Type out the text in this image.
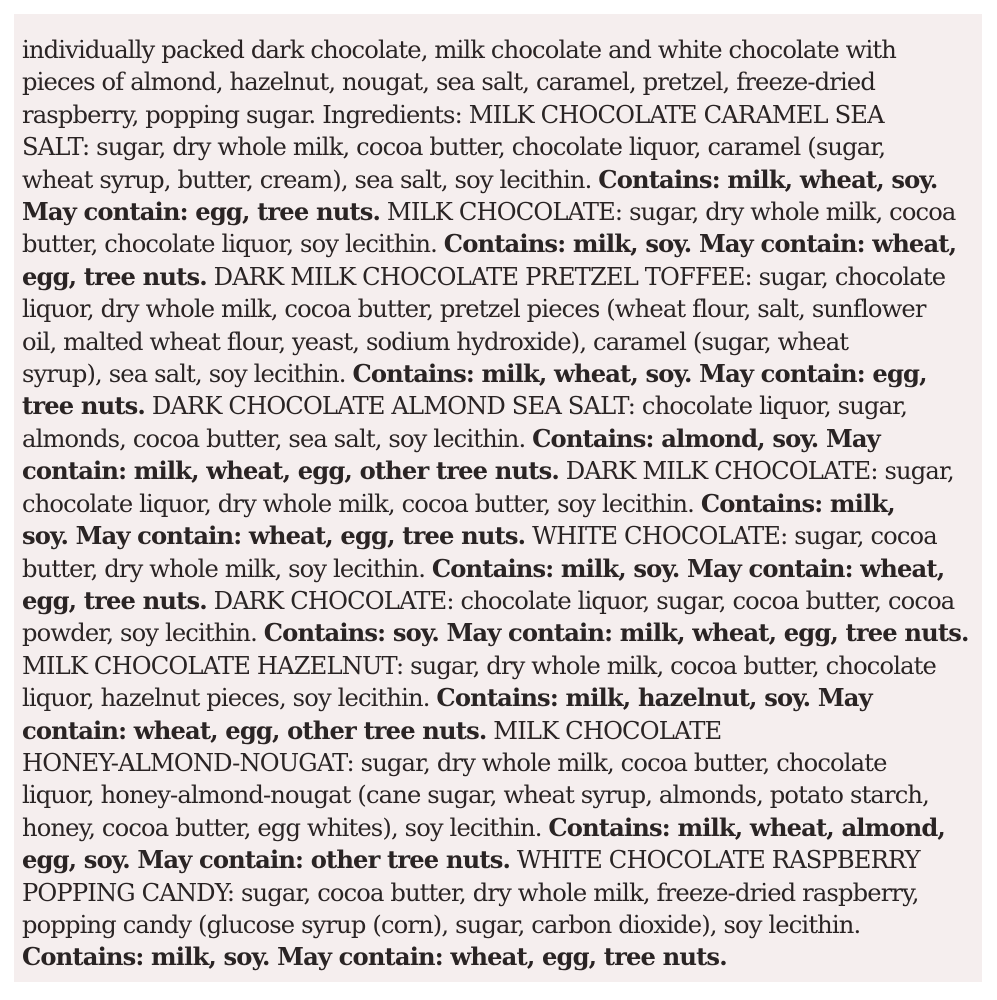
individually packed dark chocolate, milk chocolate and white chocolate with
pieces of almond, hazelnut, nougat, sea salt, caramel, pretzel, freeze-dried
raspberry, popping sugar. Ingredients: MILK CHOCOLATE CARAMEL SEA
SALT: sugar, dry whole milk, cocoa butter, chocolate liquor, caramel (sugar,
wheat syrup, butter, cream), sea salt, soy lecithin. Contains: milk, wheat, soy.
May contain: egg, tree nuts. MILK CHOCOLATE: sugar, dry whole milk, cocoa
butter, chocolate liquor, soy lecithin. Contains: milk, soy. May contain: wheat,
egg, tree nuts. DARK MILK CHOCOLATE PRETZEL TOFFEE: sugar, chocolate
liquor, dry whole milk, cocoa butter, pretzel pieces (wheat flour, salt, sunflower
oil, malted wheat flour, yeast, sodium hydroxide), caramel (sugar, wheat
syrup), sea salt, soy lecithin. Contains: milk, wheat, soy. May contain: egg,
tree nuts. DARK CHOCOLATE ALMOND SEA SALT: chocolate liquor, sugar,
almonds, cocoa butter, sea salt, soy lecithin. Contains: almond, soy. May
contain: milk, wheat, egg, other tree nuts. DARK MILK CHOCOLATE: sugar,
chocolate liquor, dry whole milk, cocoa butter, soy lecithin. Contains: milk,
soy. May contain: wheat, egg, tree nuts. WHITE CHOCOLATE: sugar, cocoa
butter, dry whole milk, soy lecithin. Contains: milk, soy. May contain: wheat,
egg, tree nuts. DARK CHOCOLATE: chocolate liquor, sugar, cocoa butter, cocoa
powder, soy lecithin. Contains: soy. May contain: milk, wheat, egg, tree nuts.
MILK CHOCOLATE HAZELNUT: sugar, dry whole milk, cocoa butter, chocolate
liquor, hazelnut pieces, soy lecithin. Contains: milk, hazelnut, soy. May
contain: wheat, egg, other tree nuts. MILK CHOCOLATE
HONEY-ALMOND-NOUGAT: sugar, dry whole milk, cocoa butter, chocolate
liquor, honey-almond-nougat (cane sugar, wheat syrup, almonds, potato starch,
honey, cocoa butter, egg whites), soy lecithin. Contains: milk, wheat, almond,
egg, soy. May contain: other tree nuts. WHITE CHOCOLATE RASPBERRY
POPPING CANDY: sugar, cocoa butter, dry whole milk, freeze-dried raspberry,
popping candy (glucose syrup (corn), sugar, carbon dioxide), soy lecithin.
Contains: milk, soy. May contain: wheat, egg, tree nuts.
